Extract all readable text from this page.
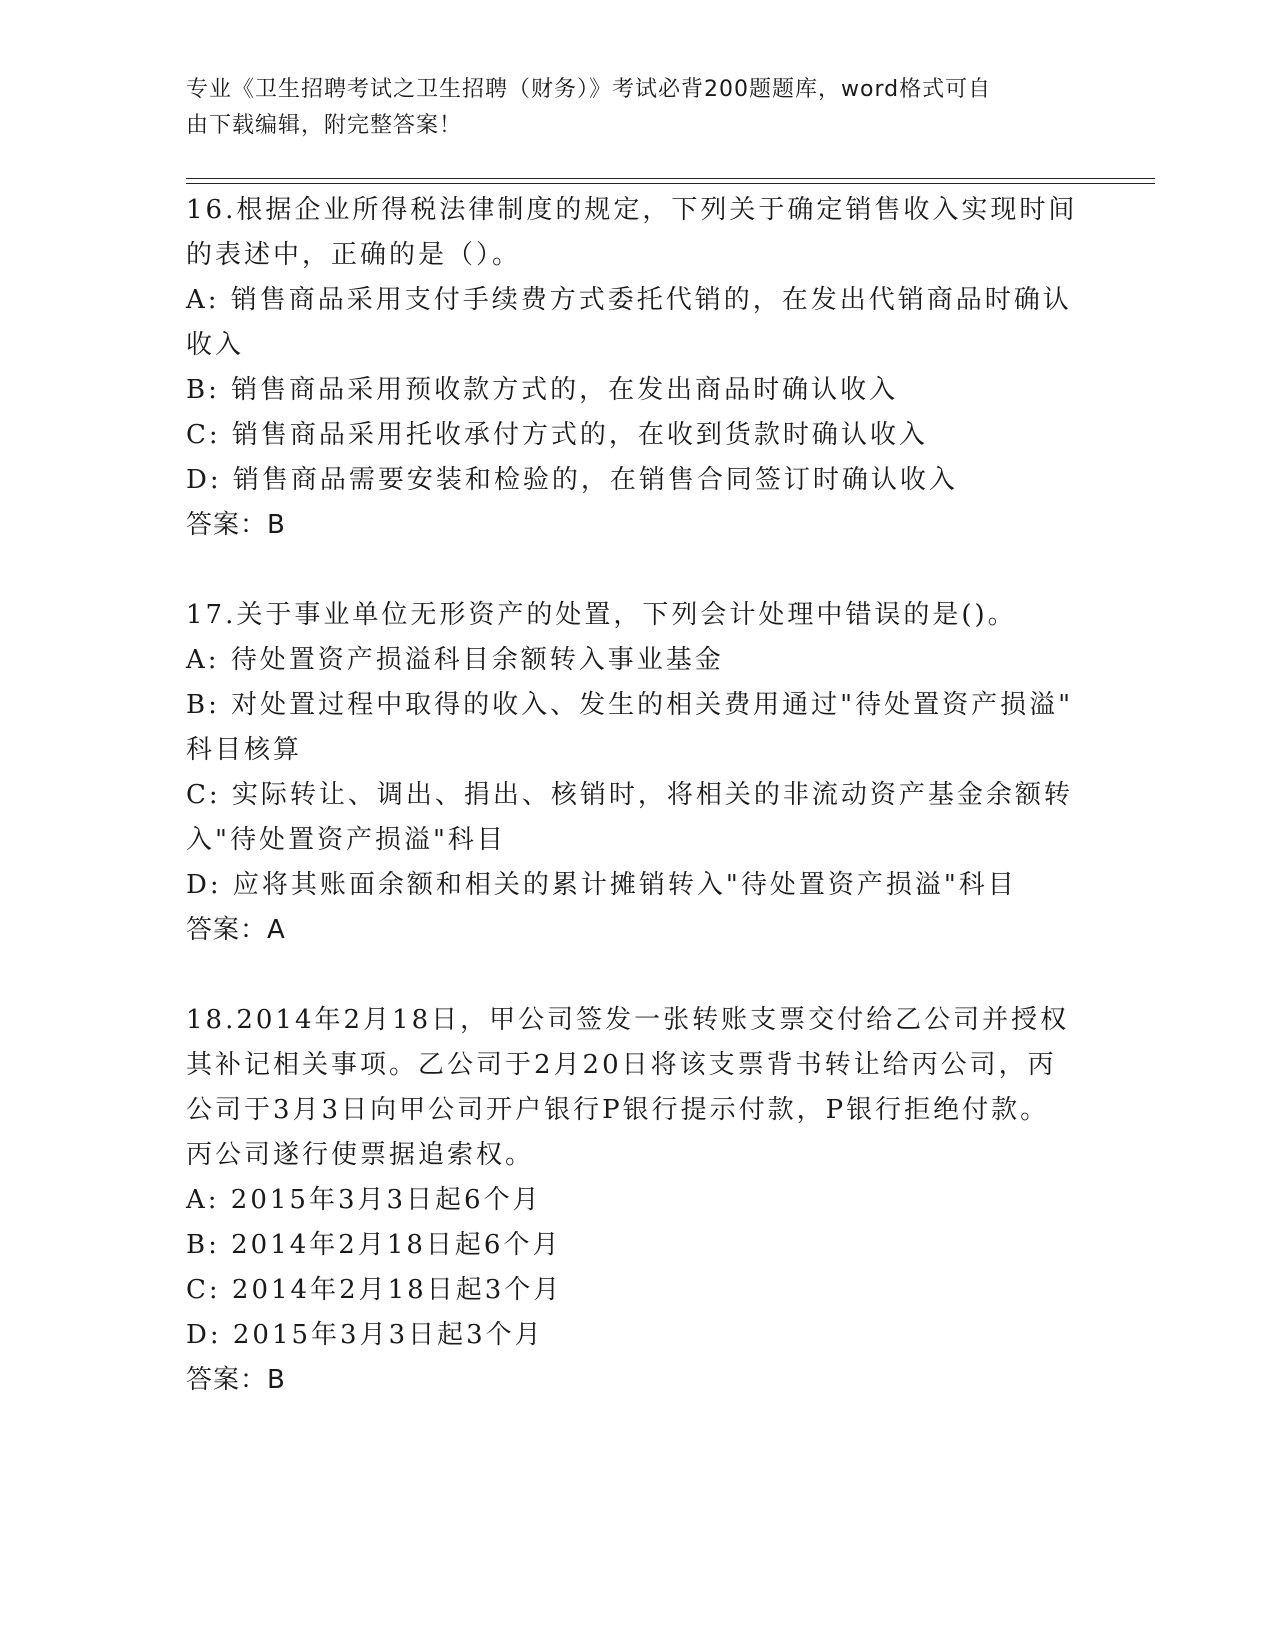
专业《卫生招聘考试之卫生招聘（财务）》考试必背200题题库，word格式可自
由下载编辑，附完整答案！
16.根据企业所得税法律制度的规定，下列关于确定销售收入实现时间
的表述中，正确的是（）。
A: 销售商品采用支付手续费方式委托代销的，在发出代销商品时确认
收入
B: 销售商品采用预收款方式的，在发出商品时确认收入
C: 销售商品采用托收承付方式的，在收到货款时确认收入
D: 销售商品需要安装和检验的，在销售合同签订时确认收入
答案：B
17.关于事业单位无形资产的处置，下列会计处理中错误的是()。
A: 待处置资产损溢科目余额转入事业基金
B: 对处置过程中取得的收入、发生的相关费用通过"待处置资产损溢"
科目核算
C: 实际转让、调出、捐出、核销时，将相关的非流动资产基金余额转
入"待处置资产损溢"科目
D: 应将其账面余额和相关的累计摊销转入"待处置资产损溢"科目
答案：A
18.2014年2月18日，甲公司签发一张转账支票交付给乙公司并授权
其补记相关事项。乙公司于2月20日将该支票背书转让给丙公司，丙
公司于3月3日向甲公司开户银行P银行提示付款，P银行拒绝付款。
丙公司遂行使票据追索权。
A: 2015年3月3日起6个月
B: 2014年2月18日起6个月
C: 2014年2月18日起3个月
D: 2015年3月3日起3个月
答案：B
